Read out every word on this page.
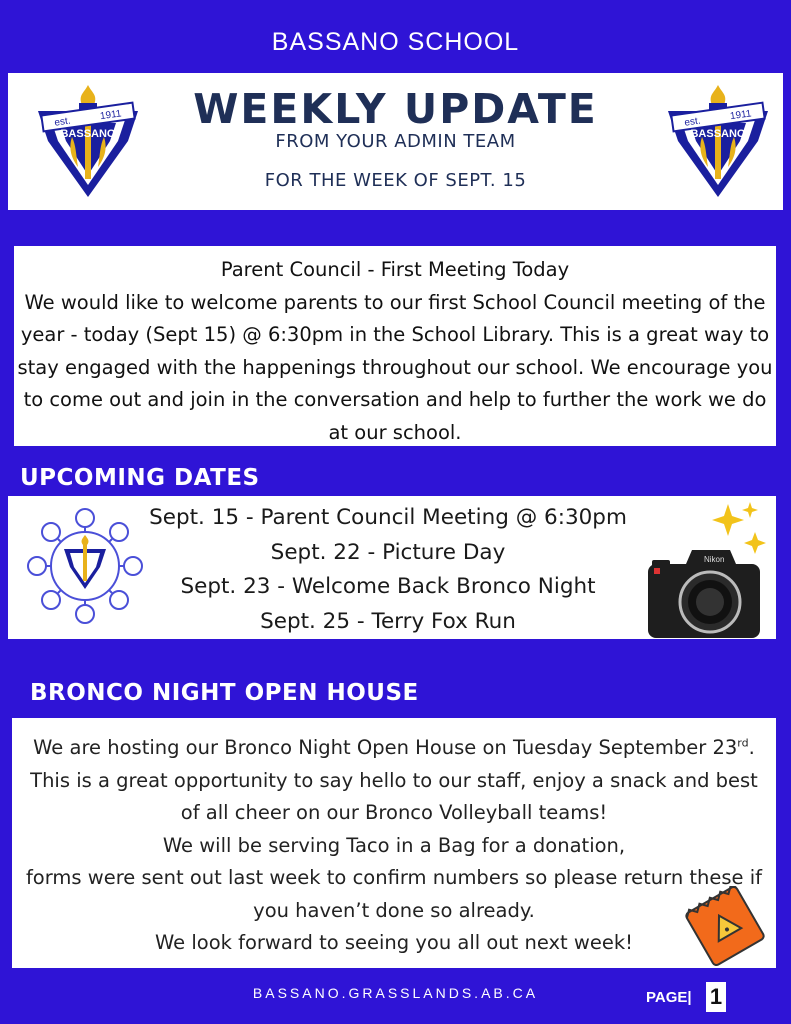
BASSANO SCHOOL
est.	1911
BASSANO
WEEKLY UPDATE
FROM YOUR ADMIN TEAM
FOR THE WEEK OF SEPT. 15
est.	1911
BASSANO
Parent Council - First Meeting Today
We would like to welcome parents to our first School Council meeting of the year - today (Sept 15) @ 6:30pm in the School Library. This is a great way to stay engaged with the happenings throughout our school. We encourage you to come out and join in the conversation and help to further the work we do at our school.
UPCOMING DATES
Sept. 15 - Parent Council Meeting @ 6:30pm
Sept. 22 - Picture Day
Sept. 23 - Welcome Back Bronco Night
Sept. 25 - Terry Fox Run
Nikon
BRONCO NIGHT OPEN HOUSE
We are hosting our Bronco Night Open House on Tuesday September 23rd. This is a great opportunity to say hello to our staff, enjoy a snack and best of all cheer on our Bronco Volleyball teams!
We will be serving Taco in a Bag for a donation,
forms were sent out last week to confirm numbers so please return these if you haven’t done so already.
We look forward to seeing you all out next week!
BASSANO.GRASSLANDS.AB.CA	PAGE| 1
